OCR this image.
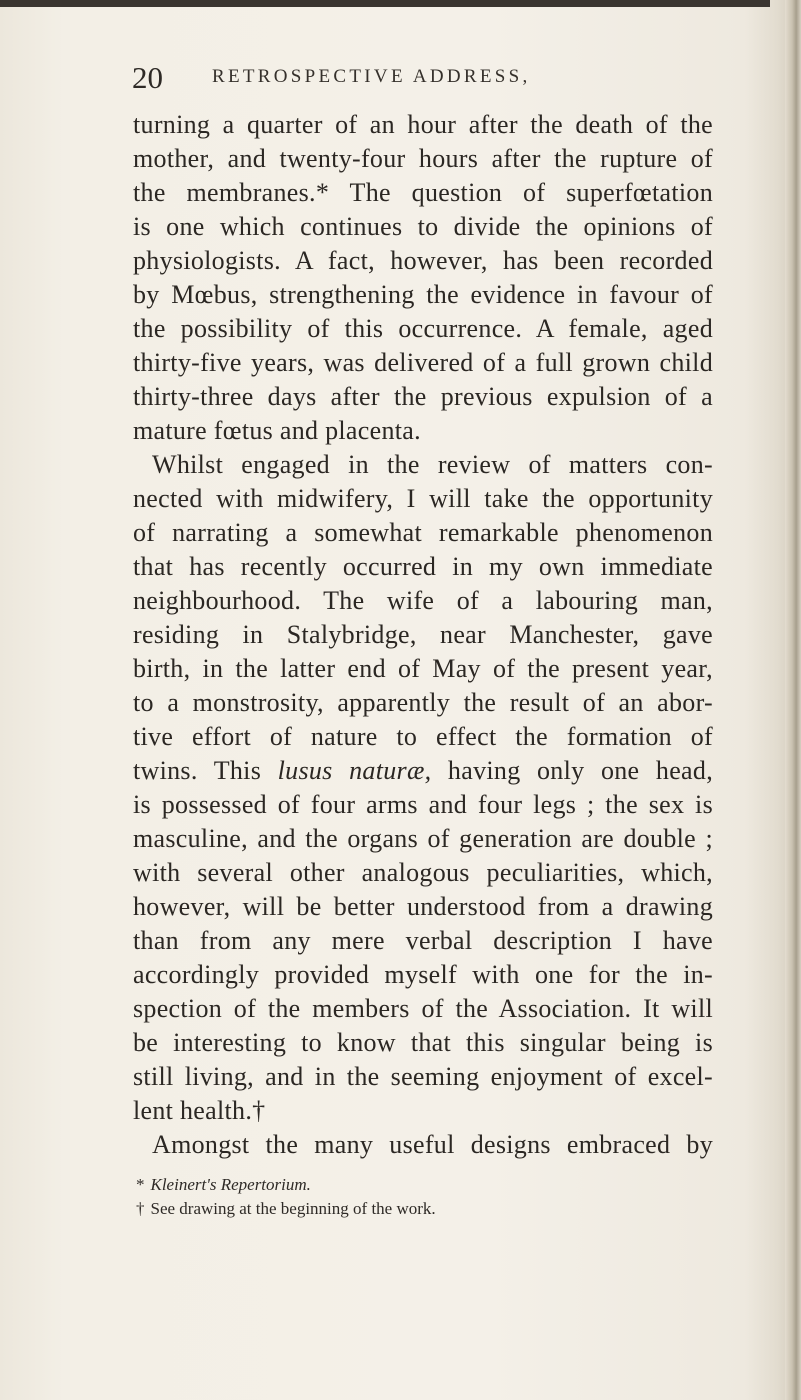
20	RETROSPECTIVE ADDRESS,
turning a quarter of an hour after the death of the
mother, and twenty-four hours after the rupture of
the membranes.* The question of superfœtation
is one which continues to divide the opinions of
physiologists. A fact, however, has been recorded
by Mœbus, strengthening the evidence in favour of
the possibility of this occurrence. A female, aged
thirty-five years, was delivered of a full grown child
thirty-three days after the previous expulsion of a
mature fœtus and placenta.
Whilst engaged in the review of matters con-
nected with midwifery, I will take the opportunity
of narrating a somewhat remarkable phenomenon
that has recently occurred in my own immediate
neighbourhood. The wife of a labouring man,
residing in Stalybridge, near Manchester, gave
birth, in the latter end of May of the present year,
to a monstrosity, apparently the result of an abor-
tive effort of nature to effect the formation of
twins. This lusus naturæ, having only one head,
is possessed of four arms and four legs ; the sex is
masculine, and the organs of generation are double ;
with several other analogous peculiarities, which,
however, will be better understood from a drawing
than from any mere verbal description I have
accordingly provided myself with one for the in-
spection of the members of the Association. It will
be interesting to know that this singular being is
still living, and in the seeming enjoyment of excel-
lent health.†
Amongst the many useful designs embraced by
* Kleinert's Repertorium.
† See drawing at the beginning of the work.
